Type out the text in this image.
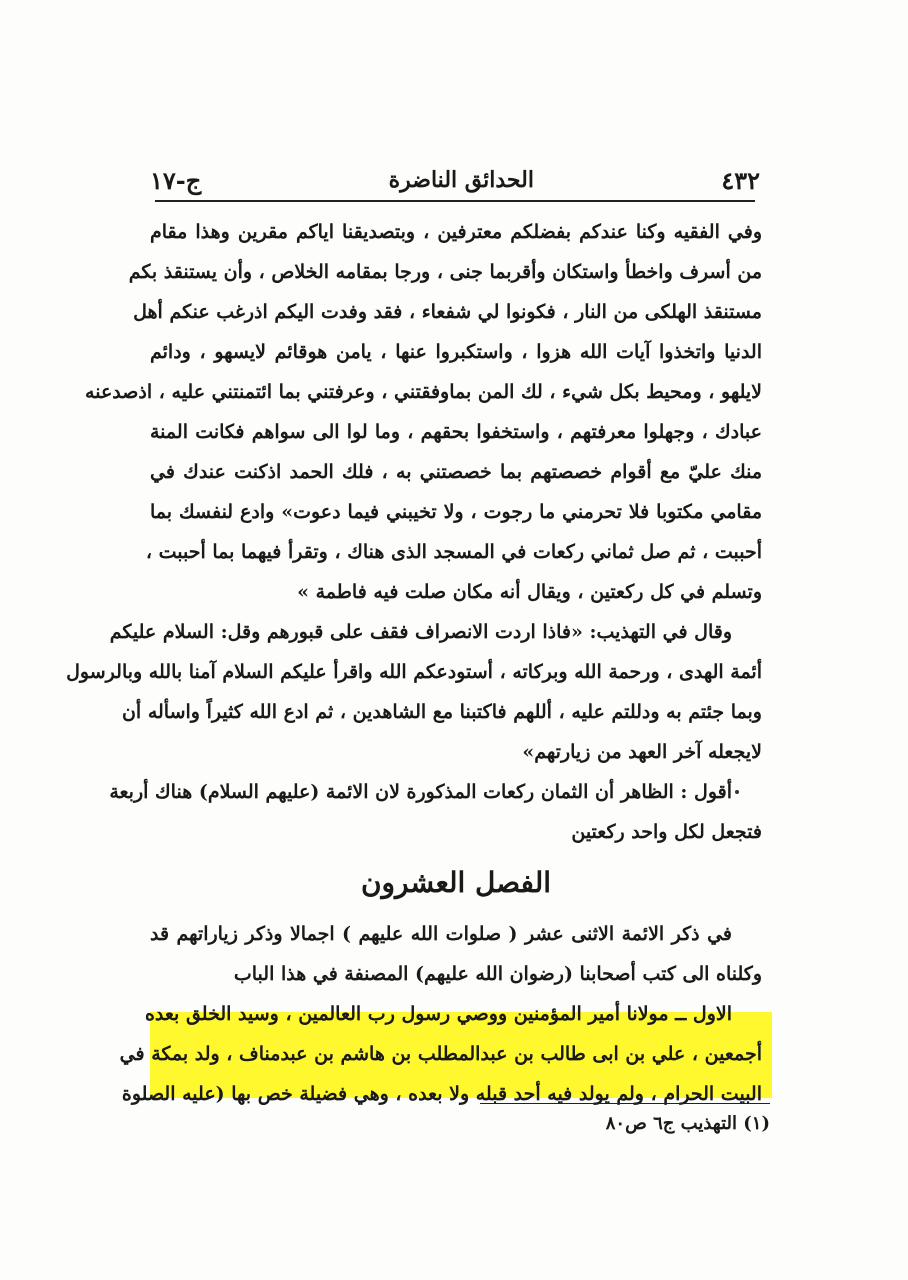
٤٣٢
الحدائق الناضرة
ج-١٧
وفي الفقيه وكنا عندكم بفضلكم معترفين ، وبتصديقنا اياكم مقرين وهذا مقام
من أسرف واخطأ واستكان وأقربما جنى ، ورجا بمقامه الخلاص ، وأن يستنقذ بكم
مستنقذ الهلكى من النار ، فكونوا لي شفعاء ، فقد وفدت اليكم اذرغب عنكم أهل
الدنيا واتخذوا آيات الله هزوا ، واستكبروا عنها ، يامن هوقائم لايسهو ، ودائم
لايلهو ، ومحيط بكل شيء ، لك المن بماوفقتني ، وعرفتني بما ائتمنتني عليه ، اذصدعنه
عبادك ، وجهلوا معرفتهم ، واستخفوا بحقهم ، وما لوا الى سواهم فكانت المنة
منك عليّ مع أقوام خصصتهم بما خصصتني به ، فلك الحمد اذكنت عندك في
مقامي مكتوبا فلا تحرمني ما رجوت ، ولا تخيبني فيما دعوت» وادع لنفسك بما
أحببت ، ثم صل ثماني ركعات في المسجد الذى هناك ، وتقرأ فيهما بما أحببت ،
وتسلم في كل ركعتين ، ويقال أنه مكان صلت فيه فاطمة »
وقال في التهذيب: «فاذا اردت الانصراف فقف على قبورهم وقل: السلام عليكم
أئمة الهدى ، ورحمة الله وبركاته ، أستودعكم الله واقرأ عليكم السلام آمنا بالله وبالرسول
وبما جئتم به ودللتم عليه ، أللهم فاكتبنا مع الشاهدين ، ثم ادع الله كثيراً واسأله أن
لايجعله آخر العهد من زيارتهم»
أقول : الظاهر أن الثمان ركعات المذكورة لان الائمة (عليهم السلام) هناك أربعة
فتجعل لكل واحد ركعتين
الفصل العشرون
في ذكر الائمة الاثنى عشر ( صلوات الله عليهم ) اجمالا وذكر زياراتهم قد
وكلناه الى كتب أصحابنا (رضوان الله عليهم) المصنفة في هذا الباب
الاول ــ مولانا أمير المؤمنين ووصي رسول رب العالمين ، وسيد الخلق بعده
أجمعين ، علي بن ابى طالب بن عبدالمطلب بن هاشم بن عبدمناف ، ولد بمكة في
البيت الحرام ، ولم يولد فيه أحد قبله ولا بعده ، وهي فضيلة خص بها (عليه الصلوة
(١) التهذيب ج٦ ص٨٠
